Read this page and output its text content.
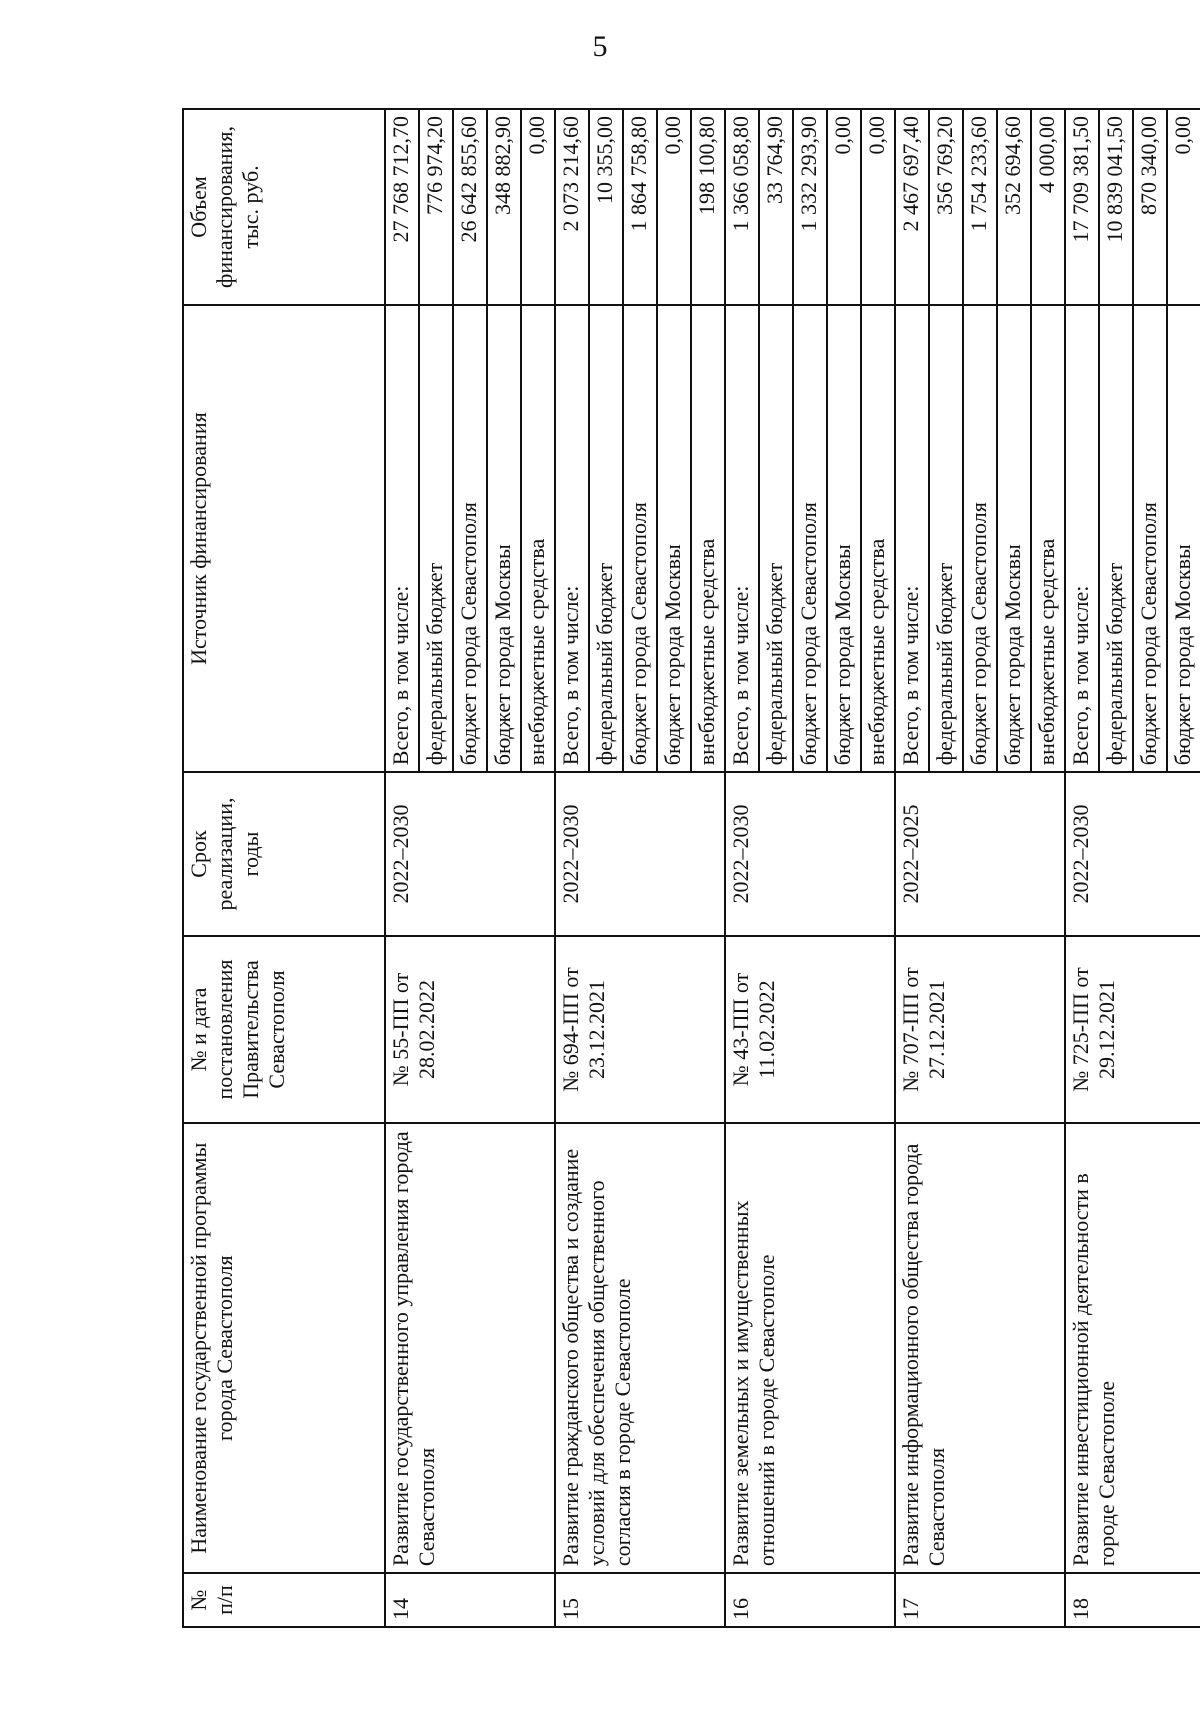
5
№ п/п	Наименование государственной программы города Севастополя	№ и дата постановления Правительства Севастополя	Срок реализации, годы	Источник финансирования	Объем финансирования, тыс. руб.
14	Развитие государственного управления города Севастополя	№ 55-ПП от 28.02.2022	2022–2030	Всего, в том числе:	27 768 712,70
				федеральный бюджет	776 974,20
				бюджет города Севастополя	26 642 855,60
				бюджет города Москвы	348 882,90
				внебюджетные средства	0,00
15	Развитие гражданского общества и создание условий для обеспечения общественного согласия в городе Севастополе	№ 694-ПП от 23.12.2021	2022–2030	Всего, в том числе:	2 073 214,60
				федеральный бюджет	10 355,00
				бюджет города Севастополя	1 864 758,80
				бюджет города Москвы	0,00
				внебюджетные средства	198 100,80
16	Развитие земельных и имущественных отношений в городе Севастополе	№ 43-ПП от 11.02.2022	2022–2030	Всего, в том числе:	1 366 058,80
				федеральный бюджет	33 764,90
				бюджет города Севастополя	1 332 293,90
				бюджет города Москвы	0,00
				внебюджетные средства	0,00
17	Развитие информационного общества города Севастополя	№ 707-ПП от 27.12.2021	2022–2025	Всего, в том числе:	2 467 697,40
				федеральный бюджет	356 769,20
				бюджет города Севастополя	1 754 233,60
				бюджет города Москвы	352 694,60
				внебюджетные средства	4 000,00
18	Развитие инвестиционной деятельности в городе Севастополе	№ 725-ПП от 29.12.2021	2022–2030	Всего, в том числе:	17 709 381,50
				федеральный бюджет	10 839 041,50
				бюджет города Севастополя	870 340,00
				бюджет города Москвы	0,00
